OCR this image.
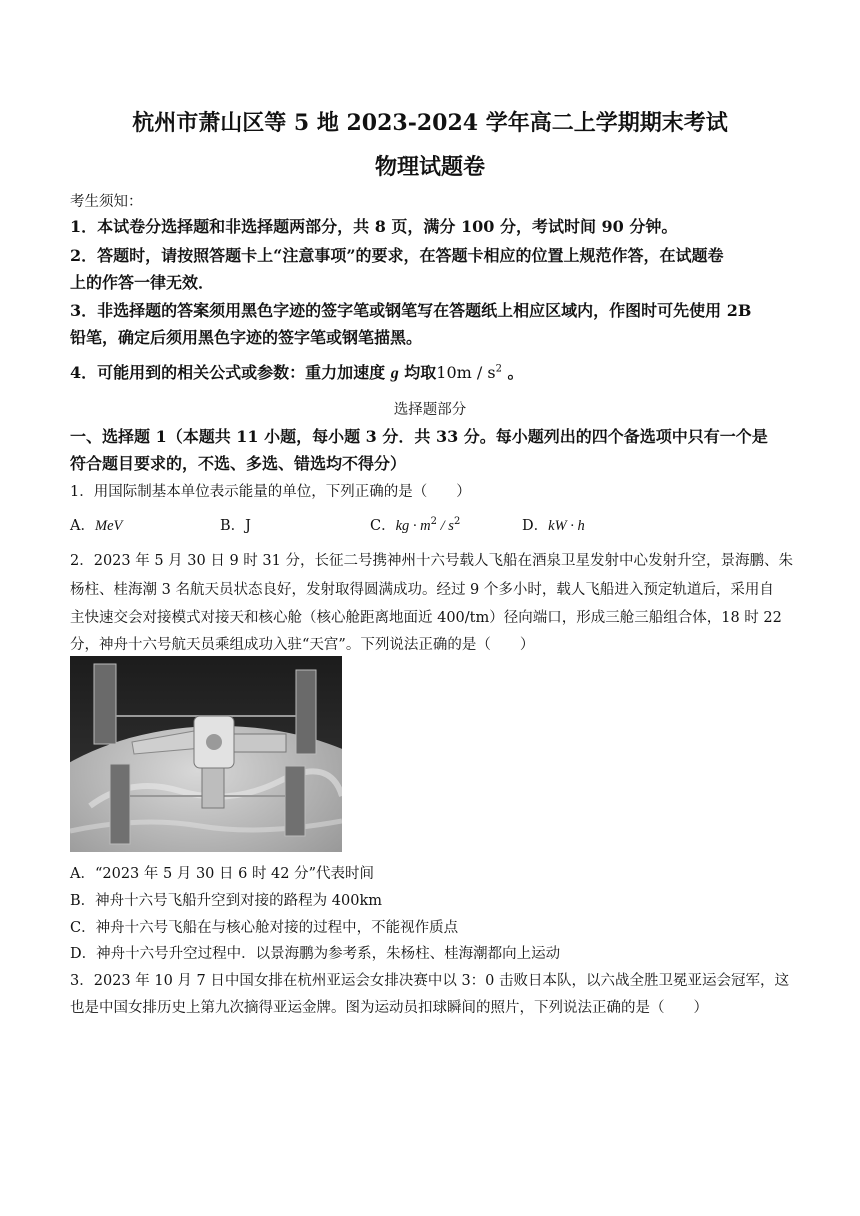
杭州市萧山区等 5 地 2023-2024 学年高二上学期期末考试
物理试题卷
考生须知：
1．本试卷分选择题和非选择题两部分，共 8 页，满分 100 分，考试时间 90 分钟。
2．答题时，请按照答题卡上“注意事项”的要求，在答题卡相应的位置上规范作答，在试题卷
上的作答一律无效．
3．非选择题的答案须用黑色字迹的签字笔或钢笔写在答题纸上相应区域内，作图时可先使用 2B
铅笔，确定后须用黑色字迹的签字笔或钢笔描黑。
4．可能用到的相关公式或参数：重力加速度 g 均取$10m / s^2$ 。
选择题部分
一、选择题 1（本题共 11 小题，每小题 3 分．共 33 分。每小题列出的四个备选项中只有一个是
符合题目要求的，不选、多选、错选均不得分）
1．用国际制基本单位表示能量的单位，下列正确的是（　　）
A．MeV	B．J	C．kg · $m^2 / s^2$	D．kW · h
2．2023 年 5 月 30 日 9 时 31 分，长征二号携神州十六号载人飞船在酒泉卫星发射中心发射升空，景海鹏、朱
杨柱、桂海潮 3 名航天员状态良好，发射取得圆满成功。经过 9 个多小时，载人飞船进入预定轨道后，采用自
主快速交会对接模式对接天和核心舱（核心舱距离地面近 400/tm）径向端口，形成三舱三船组合体，18 时 22
分，神舟十六号航天员乘组成功入驻“天宫”。下列说法正确的是（　　）
A．“2023 年 5 月 30 日 6 时 42 分”代表时间
B．神舟十六号飞船升空到对接的路程为 400km
C．神舟十六号飞船在与核心舱对接的过程中，不能视作质点
D．神舟十六号升空过程中．以景海鹏为参考系，朱杨柱、桂海潮都向上运动
3．2023 年 10 月 7 日中国女排在杭州亚运会女排决赛中以 3：0 击败日本队，以六战全胜卫冕亚运会冠军，这
也是中国女排历史上第九次摘得亚运金牌。图为运动员扣球瞬间的照片，下列说法正确的是（　　）
